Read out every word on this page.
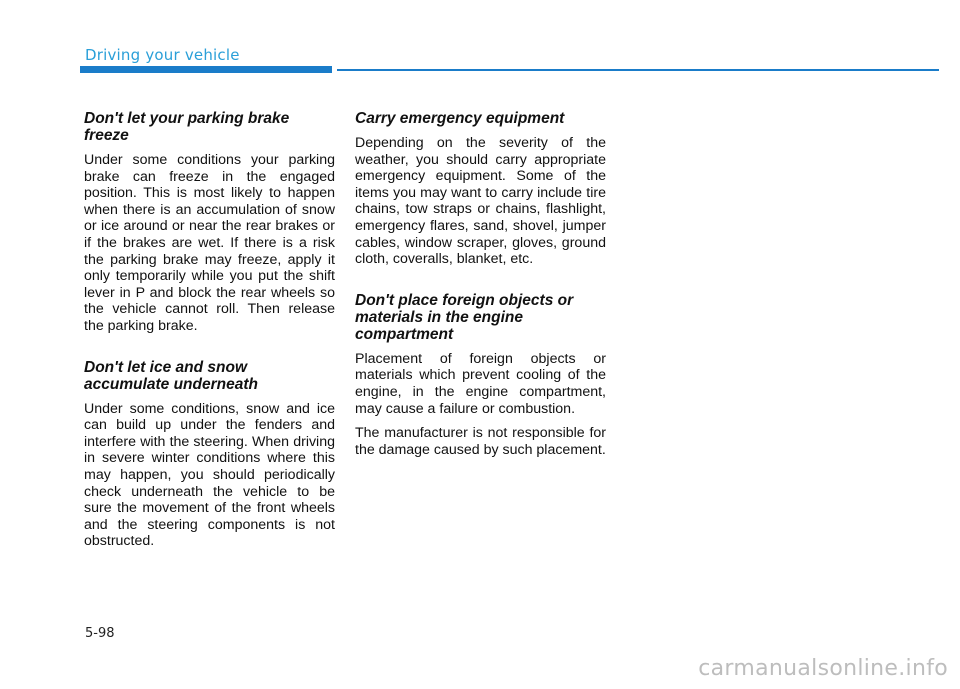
Driving your vehicle
Don't let your parking brake freeze

Under some conditions your parking brake can freeze in the engaged position. This is most likely to happen when there is an accumulation of snow or ice around or near the rear brakes or if the brakes are wet. If there is a risk the parking brake may freeze, apply it only temporarily while you put the shift lever in P and block the rear wheels so the vehicle cannot roll. Then release the parking brake.

Don't let ice and snow accumulate underneath

Under some conditions, snow and ice can build up under the fenders and interfere with the steering. When driving in severe winter conditions where this may happen, you should periodically check underneath the vehicle to be sure the movement of the front wheels and the steering components is not obstructed.

Carry emergency equipment

Depending on the severity of the weather, you should carry appropriate emergency equipment. Some of the items you may want to carry include tire chains, tow straps or chains, flashlight, emergency flares, sand, shovel, jumper cables, window scraper, gloves, ground cloth, coveralls, blanket, etc.

Don't place foreign objects or materials in the engine compartment

Placement of foreign objects or materials which prevent cooling of the engine, in the engine compartment, may cause a failure or combustion.

The manufacturer is not responsible for the damage caused by such placement.

5-98
carmanualsonline.info
